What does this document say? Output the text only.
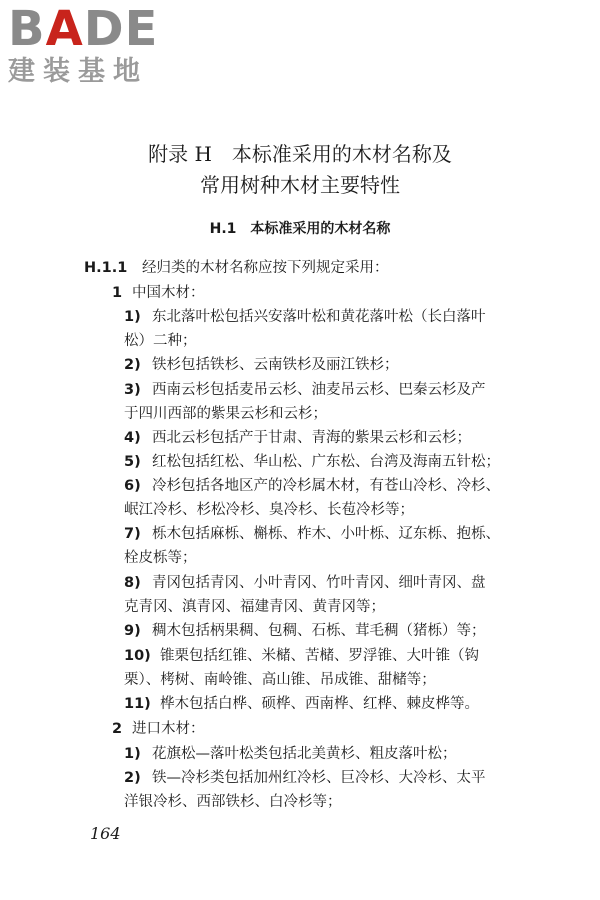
BADE
建装基地
附录 H　本标准采用的木材名称及
常用树种木材主要特性
H.1　本标准采用的木材名称
H.1.1 经归类的木材名称应按下列规定采用：
1 中国木材：
1) 东北落叶松包括兴安落叶松和黄花落叶松（长白落叶
松）二种；
2) 铁杉包括铁杉、云南铁杉及丽江铁杉；
3) 西南云杉包括麦吊云杉、油麦吊云杉、巴秦云杉及产
于四川西部的紫果云杉和云杉；
4) 西北云杉包括产于甘肃、青海的紫果云杉和云杉；
5) 红松包括红松、华山松、广东松、台湾及海南五针松；
6) 冷杉包括各地区产的冷杉属木材，有苍山冷杉、冷杉、
岷江冷杉、杉松冷杉、臭冷杉、长苞冷杉等；
7) 栎木包括麻栎、槲栎、柞木、小叶栎、辽东栎、抱栎、
栓皮栎等；
8) 青冈包括青冈、小叶青冈、竹叶青冈、细叶青冈、盘
克青冈、滇青冈、福建青冈、黄青冈等；
9) 稠木包括柄果稠、包稠、石栎、茸毛稠（猪栎）等；
10) 锥栗包括红锥、米槠、苦槠、罗浮锥、大叶锥（钩
栗）、栲树、南岭锥、高山锥、吊成锥、甜槠等；
11) 桦木包括白桦、硕桦、西南桦、红桦、棘皮桦等。
2 进口木材：
1) 花旗松—落叶松类包括北美黄杉、粗皮落叶松；
2) 铁—冷杉类包括加州红冷杉、巨冷杉、大冷杉、太平
洋银冷杉、西部铁杉、白冷杉等；
164
